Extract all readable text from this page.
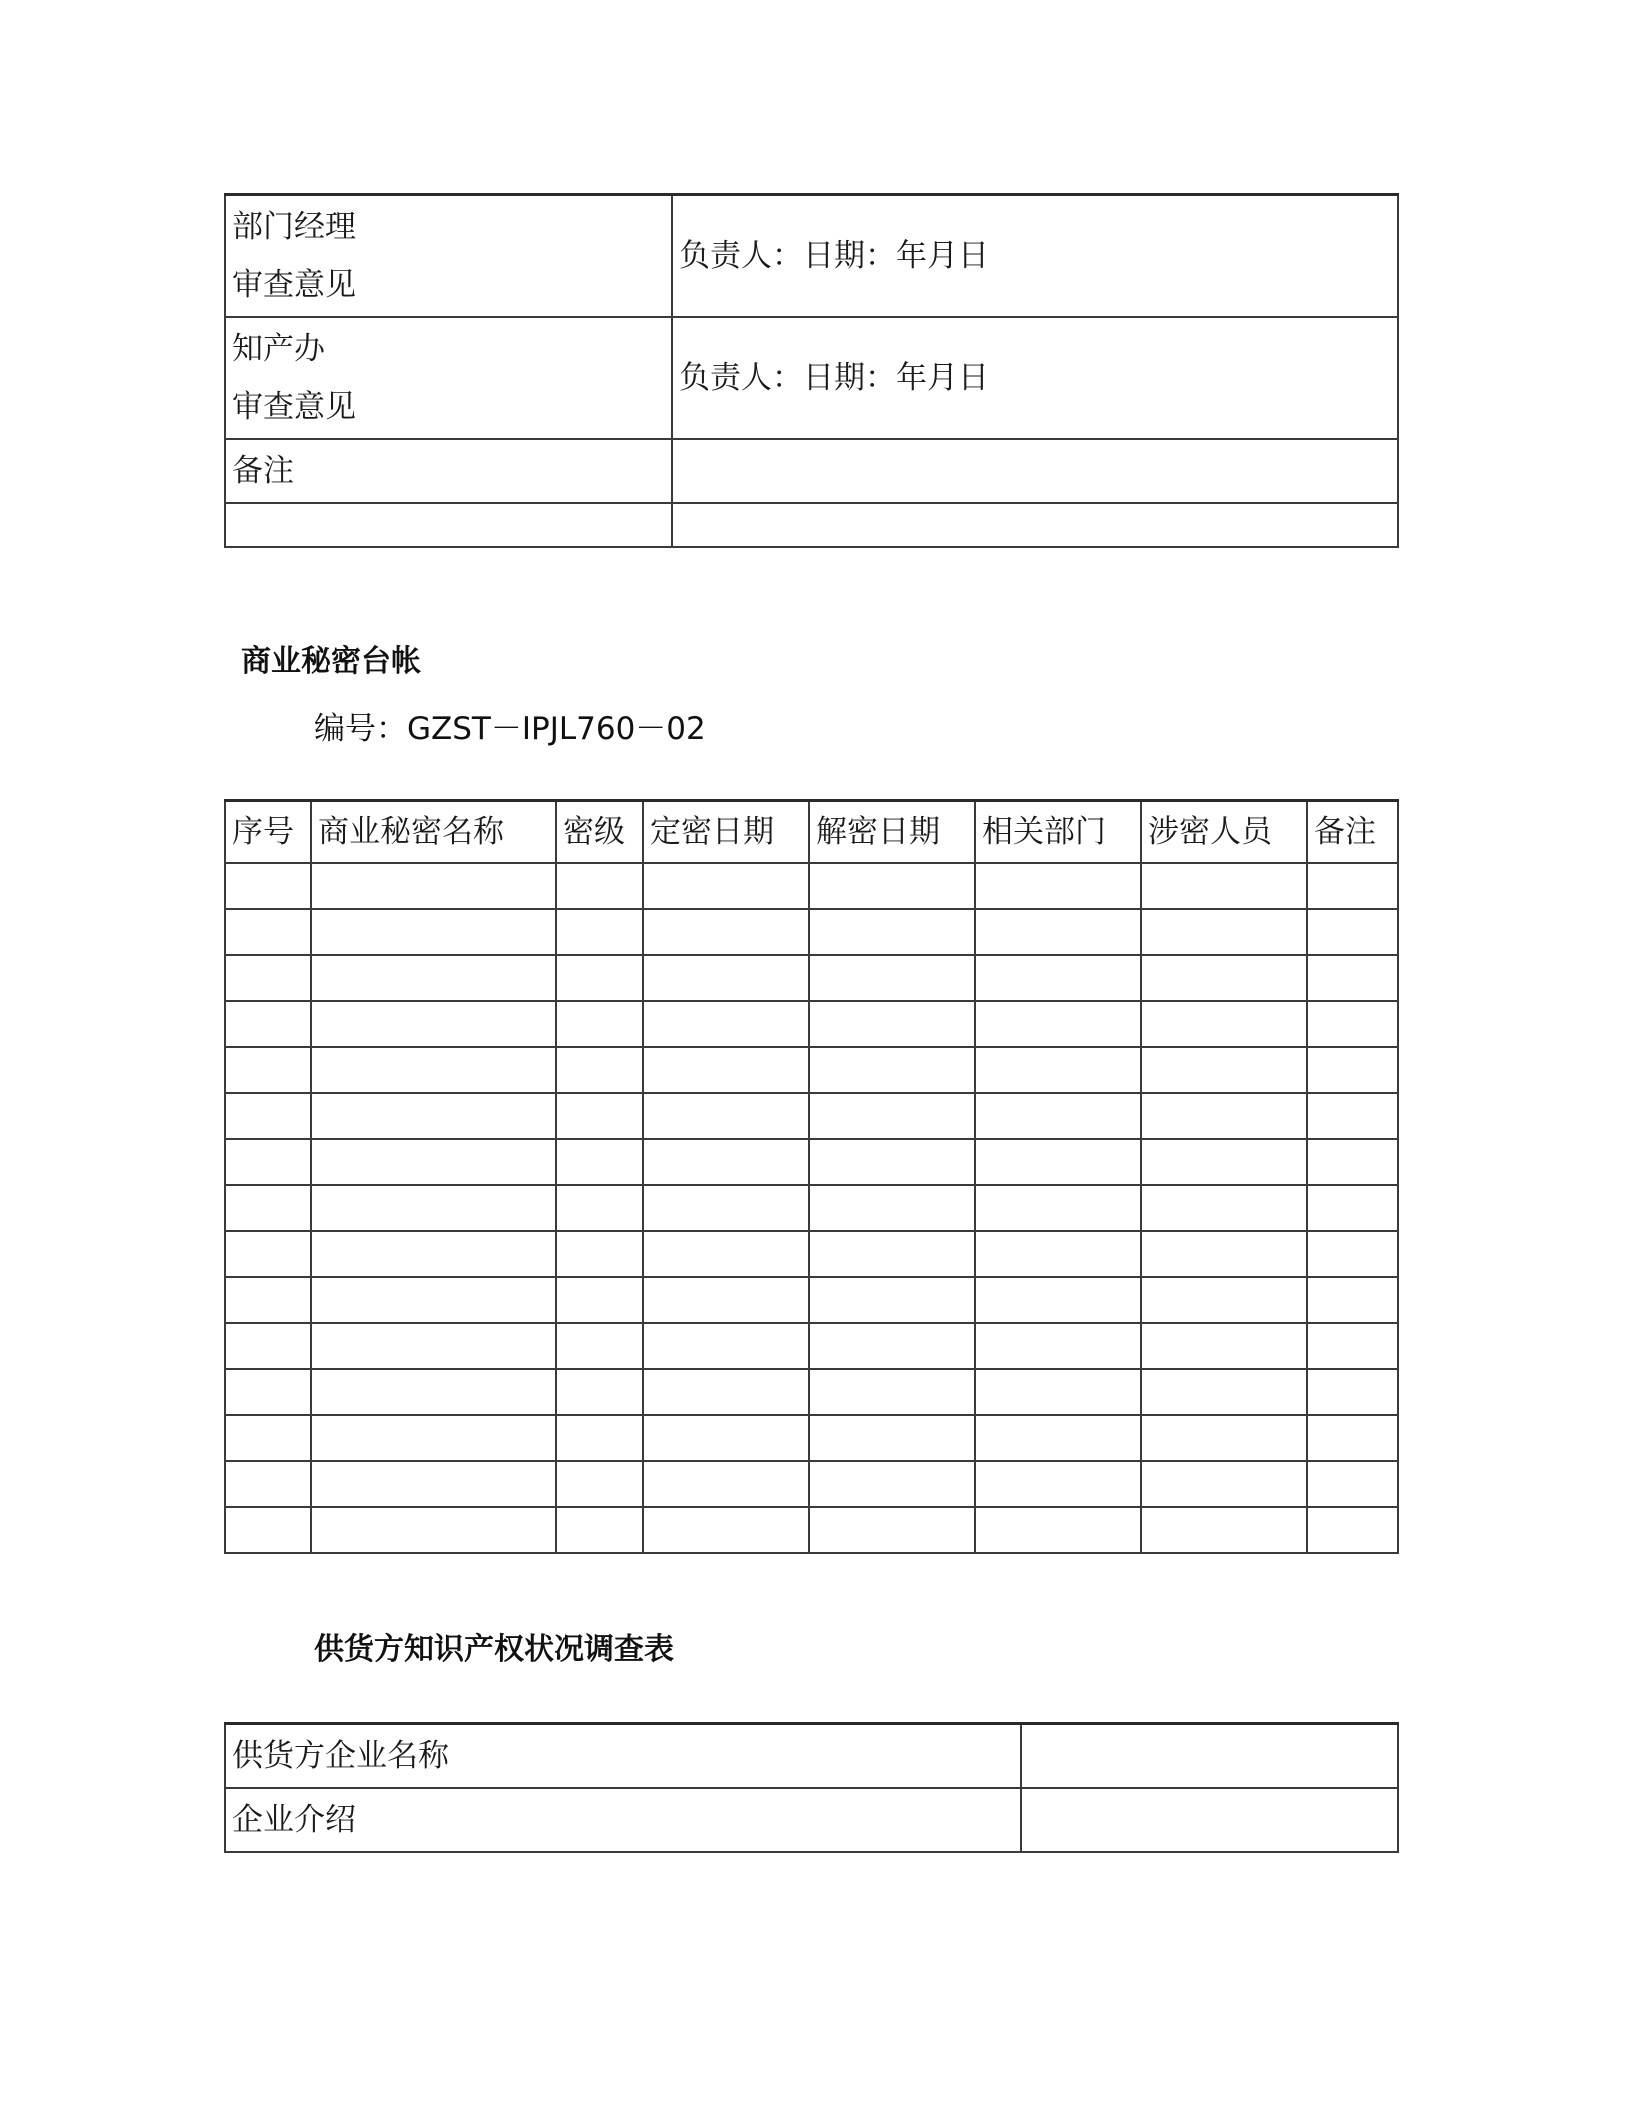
部门经理
审查意见	负责人：日期：年月日

知产办
审查意见	负责人：日期：年月日
备注	

商业秘密台帐
编号：GZST－IPJL760－02
序号	商业秘密名称	密级	定密日期	解密日期	相关部门	涉密人员	备注

供货方知识产权状况调查表
供货方企业名称	
企业介绍	
